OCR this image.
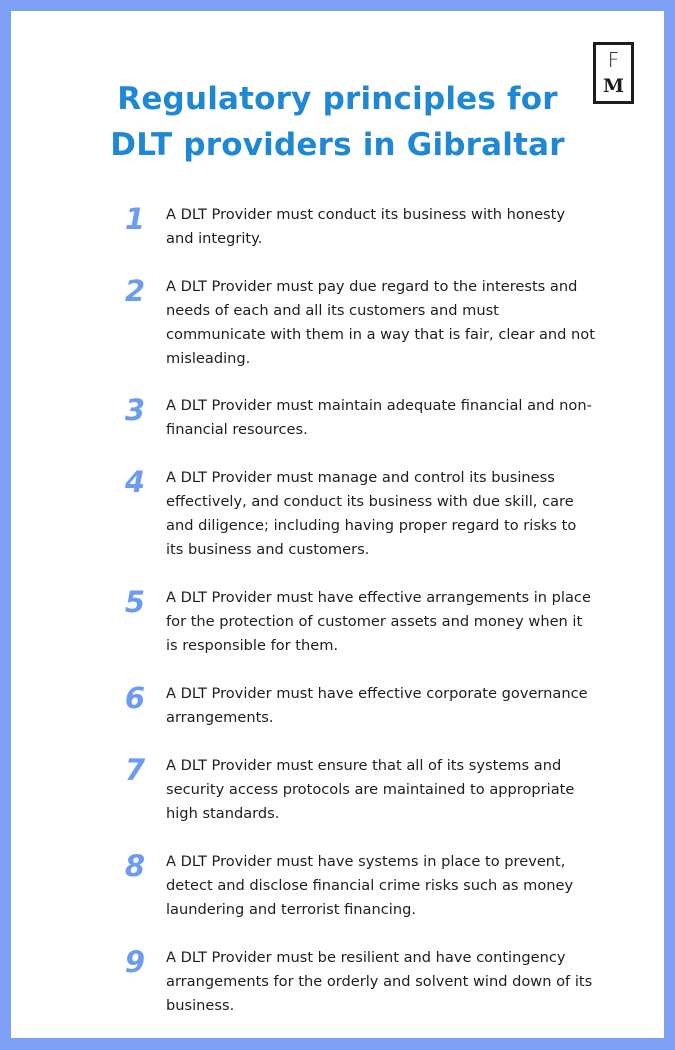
F
M
Regulatory principles for
DLT providers in Gibraltar
1	A DLT Provider must conduct its business with honesty and integrity.
2	A DLT Provider must pay due regard to the interests and needs of each and all its customers and must communicate with them in a way that is fair, clear and not misleading.
3	A DLT Provider must maintain adequate financial and non-financial resources.
4	A DLT Provider must manage and control its business effectively, and conduct its business with due skill, care and diligence; including having proper regard to risks to its business and customers.
5	A DLT Provider must have effective arrangements in place for the protection of customer assets and money when it is responsible for them.
6	A DLT Provider must have effective corporate governance arrangements.
7	A DLT Provider must ensure that all of its systems and security access protocols are maintained to appropriate high standards.
8	A DLT Provider must have systems in place to prevent, detect and disclose financial crime risks such as money laundering and terrorist financing.
9	A DLT Provider must be resilient and have contingency arrangements for the orderly and solvent wind down of its business.
